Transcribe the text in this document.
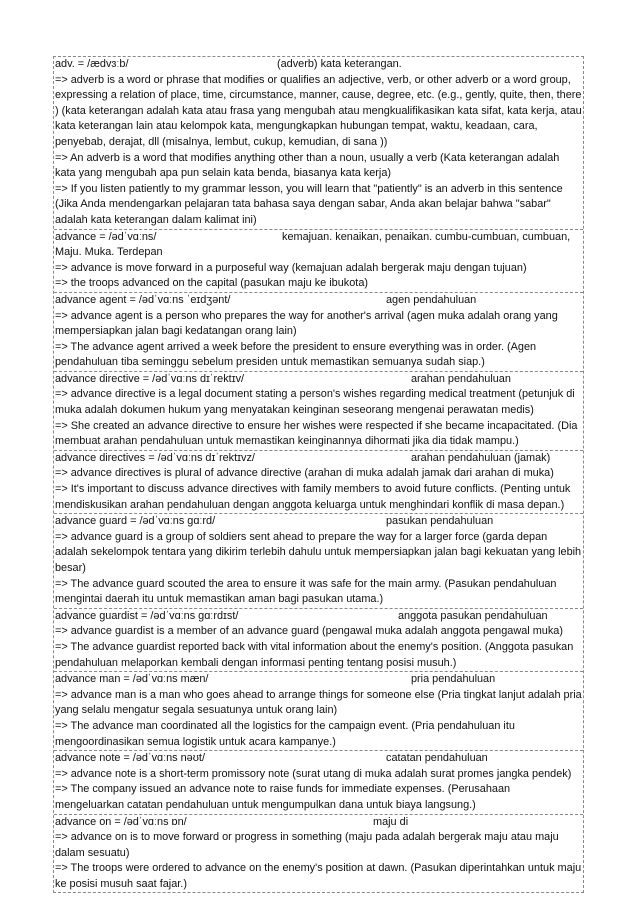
adv. = /ædvɜːb/	(adverb) kata keterangan.
=> adverb is a word or phrase that modifies or qualifies an adjective, verb, or other adverb or a word group, expressing a relation of place, time, circumstance, manner, cause, degree, etc. (e.g., gently, quite, then, there ) (kata keterangan adalah kata atau frasa yang mengubah atau mengkualifikasikan kata sifat, kata kerja, atau kata keterangan lain atau kelompok kata, mengungkapkan hubungan tempat, waktu, keadaan, cara, penyebab, derajat, dll (misalnya, lembut, cukup, kemudian, di sana ))
=> An adverb is a word that modifies anything other than a noun, usually a verb (Kata keterangan adalah kata yang mengubah apa pun selain kata benda, biasanya kata kerja)
=> If you listen patiently to my grammar lesson, you will learn that "patiently" is an adverb in this sentence (Jika Anda mendengarkan pelajaran tata bahasa saya dengan sabar, Anda akan belajar bahwa "sabar" adalah kata keterangan dalam kalimat ini)
advance = /ədˈvɑːns/	kemajuan. kenaikan, penaikan. cumbu-cumbuan, cumbuan, Maju. Muka. Terdepan
=> advance is move forward in a purposeful way (kemajuan adalah bergerak maju dengan tujuan)
=> the troops advanced on the capital (pasukan maju ke ibukota)
advance agent = /ədˈvɑːns ˈeɪdʒənt/	agen pendahuluan
=> advance agent is a person who prepares the way for another's arrival (agen muka adalah orang yang mempersiapkan jalan bagi kedatangan orang lain)
=> The advance agent arrived a week before the president to ensure everything was in order. (Agen pendahuluan tiba seminggu sebelum presiden untuk memastikan semuanya sudah siap.)
advance directive = /ədˈvɑːns dɪˈrektɪv/	arahan pendahuluan
=> advance directive is a legal document stating a person's wishes regarding medical treatment (petunjuk di muka adalah dokumen hukum yang menyatakan keinginan seseorang mengenai perawatan medis)
=> She created an advance directive to ensure her wishes were respected if she became incapacitated. (Dia membuat arahan pendahuluan untuk memastikan keinginannya dihormati jika dia tidak mampu.)
advance directives = /ədˈvɑːns dɪˈrektɪvz/	arahan pendahuluan (jamak)
=> advance directives is plural of advance directive (arahan di muka adalah jamak dari arahan di muka)
=> It's important to discuss advance directives with family members to avoid future conflicts. (Penting untuk mendiskusikan arahan pendahuluan dengan anggota keluarga untuk menghindari konflik di masa depan.)
advance guard = /ədˈvɑːns ɡɑːrd/	pasukan pendahuluan
=> advance guard is a group of soldiers sent ahead to prepare the way for a larger force (garda depan adalah sekelompok tentara yang dikirim terlebih dahulu untuk mempersiapkan jalan bagi kekuatan yang lebih besar)
=> The advance guard scouted the area to ensure it was safe for the main army. (Pasukan pendahuluan mengintai daerah itu untuk memastikan aman bagi pasukan utama.)
advance guardist = /ədˈvɑːns ɡɑːrdɪst/	anggota pasukan pendahuluan
=> advance guardist is a member of an advance guard (pengawal muka adalah anggota pengawal muka)
=> The advance guardist reported back with vital information about the enemy's position. (Anggota pasukan pendahuluan melaporkan kembali dengan informasi penting tentang posisi musuh.)
advance man = /ədˈvɑːns mæn/	pria pendahuluan
=> advance man is a man who goes ahead to arrange things for someone else (Pria tingkat lanjut adalah pria yang selalu mengatur segala sesuatunya untuk orang lain)
=> The advance man coordinated all the logistics for the campaign event. (Pria pendahuluan itu mengoordinasikan semua logistik untuk acara kampanye.)
advance note = /ədˈvɑːns nəʊt/	catatan pendahuluan
=> advance note is a short-term promissory note (surat utang di muka adalah surat promes jangka pendek)
=> The company issued an advance note to raise funds for immediate expenses. (Perusahaan mengeluarkan catatan pendahuluan untuk mengumpulkan dana untuk biaya langsung.)
advance on = /ədˈvɑːns ɒn/	maju di
=> advance on is to move forward or progress in something (maju pada adalah bergerak maju atau maju dalam sesuatu)
=> The troops were ordered to advance on the enemy's position at dawn. (Pasukan diperintahkan untuk maju ke posisi musuh saat fajar.)
